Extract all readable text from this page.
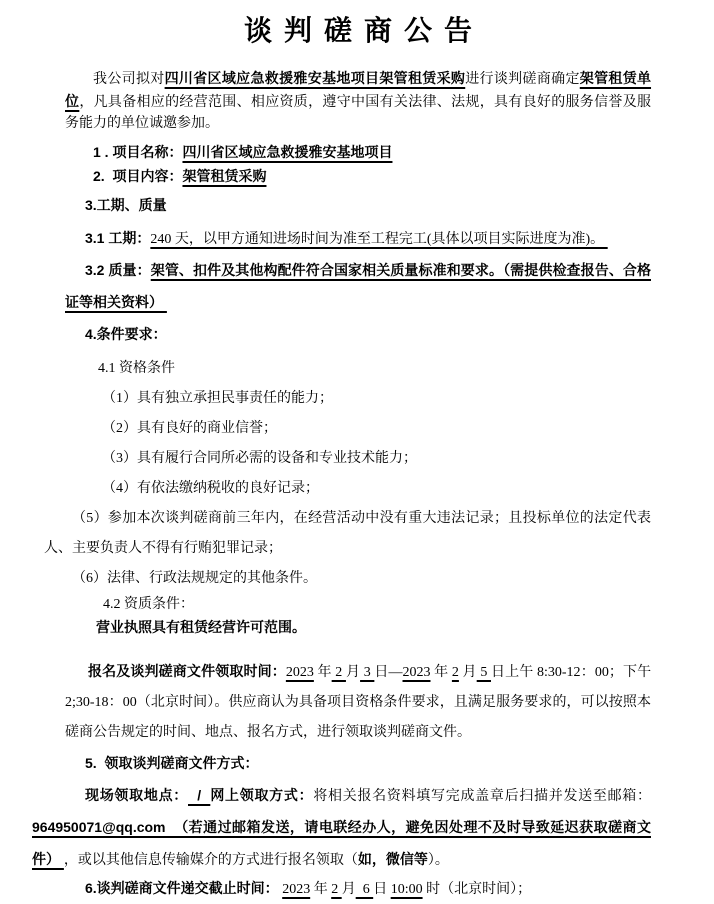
谈判磋商公告

我公司拟对四川省区域应急救援雅安基地项目架管租赁采购进行谈判磋商确定架管租赁单位，凡具备相应的经营范围、相应资质，遵守中国有关法律、法规，具有良好的服务信誉及服务能力的单位诚邀参加。

1 . 项目名称：四川省区域应急救援雅安基地项目

2.  项目内容：架管租赁采购

3.工期、质量

3.1 工期：240 天，以甲方通知进场时间为准至工程完工(具体以项目实际进度为准)。

3.2 质量：架管、扣件及其他构配件符合国家相关质量标准和要求。（需提供检查报告、合格证等相关资料）

4.条件要求：

4.1 资格条件

（1）具有独立承担民事责任的能力；

（2）具有良好的商业信誉；

（3）具有履行合同所必需的设备和专业技术能力；

（4）有依法缴纳税收的良好记录；

（5）参加本次谈判磋商前三年内，在经营活动中没有重大违法记录；且投标单位的法定代表人、主要负责人不得有行贿犯罪记录；

（6）法律、行政法规规定的其他条件。

4.2 资质条件：

营业执照具有租赁经营许可范围。

报名及谈判磋商文件领取时间：2023 年 2 月 3 日—2023 年 2 月 5 日上午 8:30-12：00；下午 2;30-18：00（北京时间）。供应商认为具备项目资格条件要求，且满足服务要求的，可以按照本磋商公告规定的时间、地点、报名方式，进行领取谈判磋商文件。

5.  领取谈判磋商文件方式：

现场领取地点：  /  网上领取方式：将相关报名资料填写完成盖章后扫描并发送至邮箱：964950071@qq.com  （若通过邮箱发送，请电联经办人，避免因处理不及时导致延迟获取磋商文件） ，或以其他信息传输媒介的方式进行报名领取（如，微信等）。

6.谈判磋商文件递交截止时间： 2023 年 2 月  6 日 10:00 时（北京时间）；
